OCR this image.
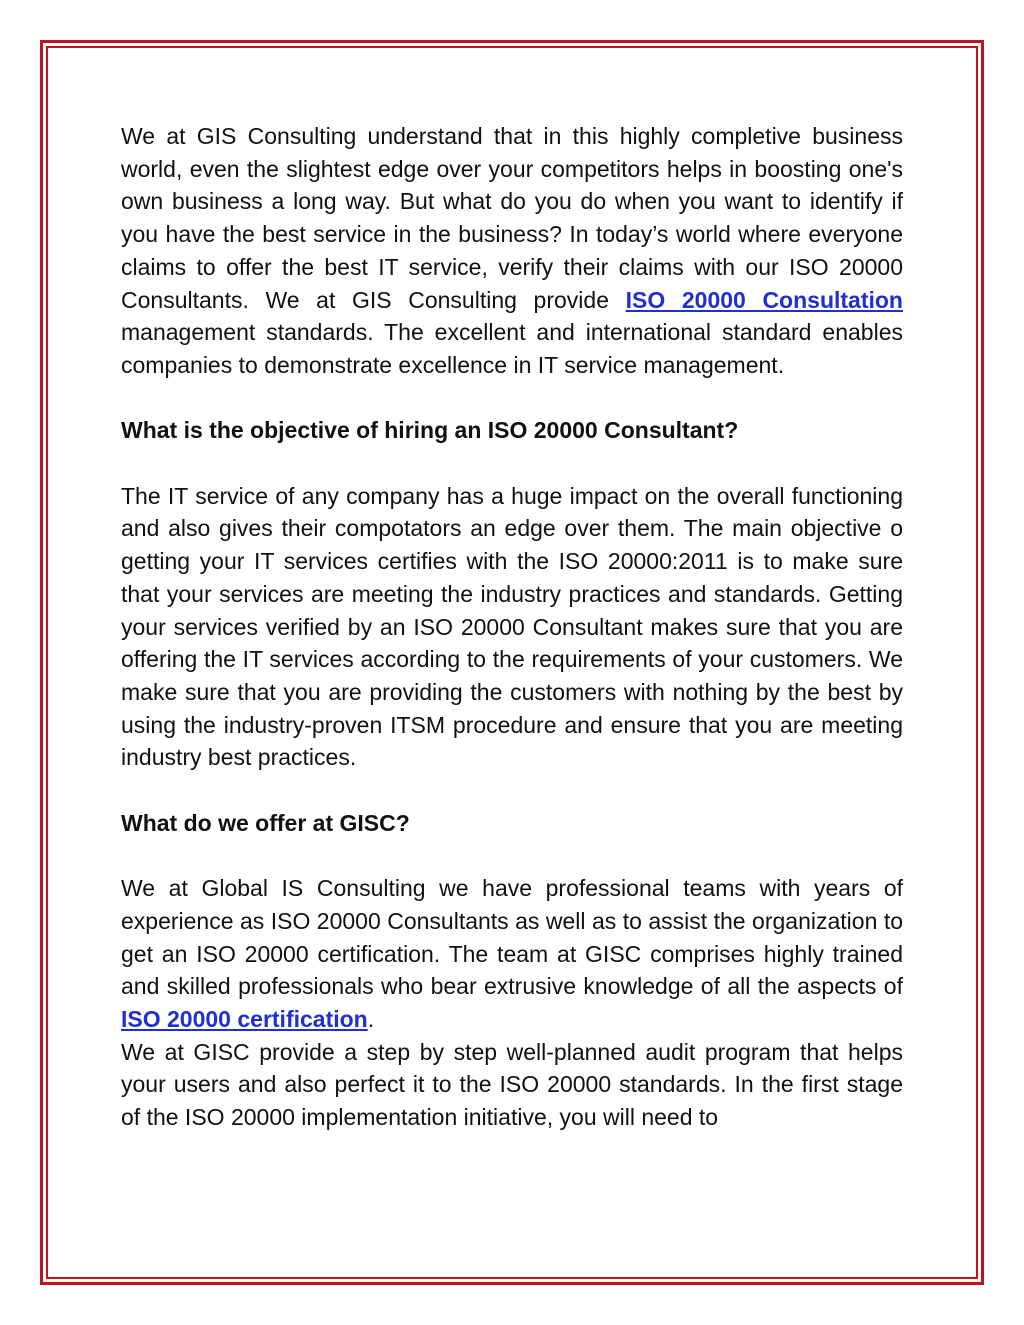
We at GIS Consulting understand that in this highly completive business world, even the slightest edge over your competitors helps in boosting one's own business a long way. But what do you do when you want to identify if you have the best service in the business? In today’s world where everyone claims to offer the best IT service, verify their claims with our ISO 20000 Consultants. We at GIS Consulting provide ISO 20000 Consultation management standards. The excellent and international standard enables companies to demonstrate excellence in IT service management.

What is the objective of hiring an ISO 20000 Consultant?

The IT service of any company has a huge impact on the overall functioning and also gives their compotators an edge over them. The main objective o getting your IT services certifies with the ISO 20000:2011 is to make sure that your services are meeting the industry practices and standards. Getting your services verified by an ISO 20000 Consultant makes sure that you are offering the IT services according to the requirements of your customers. We make sure that you are providing the customers with nothing by the best by using the industry-proven ITSM procedure and ensure that you are meeting industry best practices.

What do we offer at GISC?

We at Global IS Consulting we have professional teams with years of experience as ISO 20000 Consultants as well as to assist the organization to get an ISO 20000 certification. The team at GISC comprises highly trained and skilled professionals who bear extrusive knowledge of all the aspects of ISO 20000 certification.

We at GISC provide a step by step well-planned audit program that helps your users and also perfect it to the ISO 20000 standards. In the first stage of the ISO 20000 implementation initiative, you will need to
